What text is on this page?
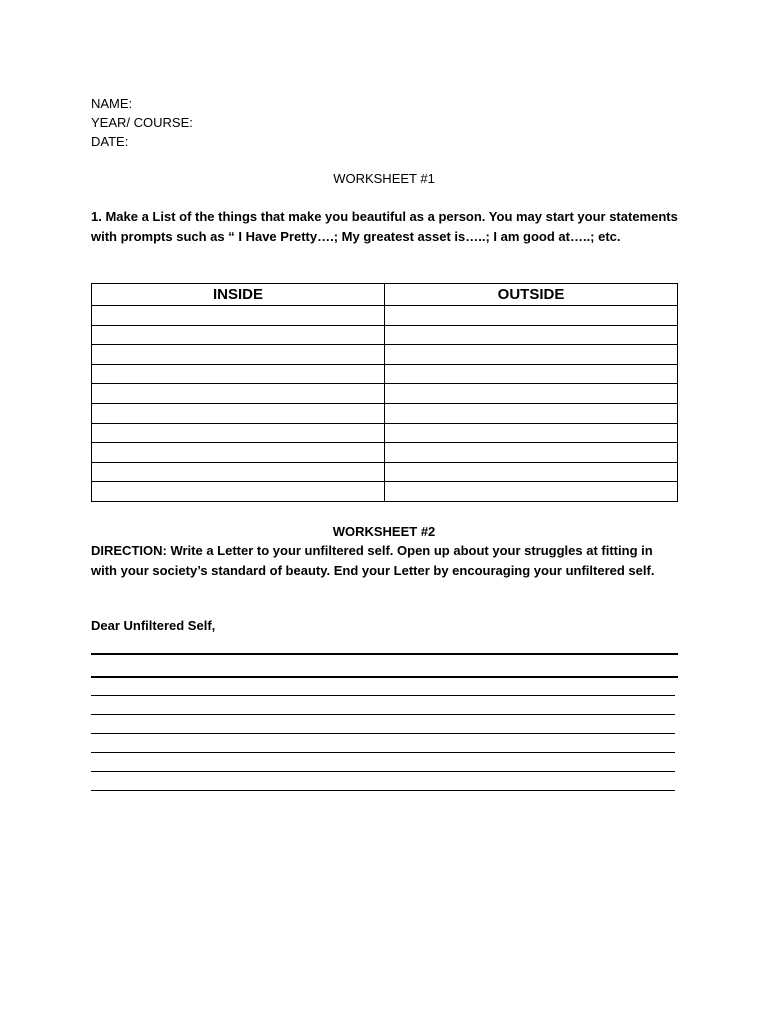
NAME:
YEAR/ COURSE:
DATE:
WORKSHEET #1
1. Make a List of the things that make you beautiful as a person. You may start your statements with prompts such as “ I Have Pretty….; My greatest asset is…..; I am good at…..; etc.
INSIDE	OUTSIDE

WORKSHEET #2
DIRECTION: Write a Letter to your unfiltered self. Open up about your struggles at fitting in with your society’s standard of beauty. End your Letter by encouraging your unfiltered self.
Dear Unfiltered Self,
